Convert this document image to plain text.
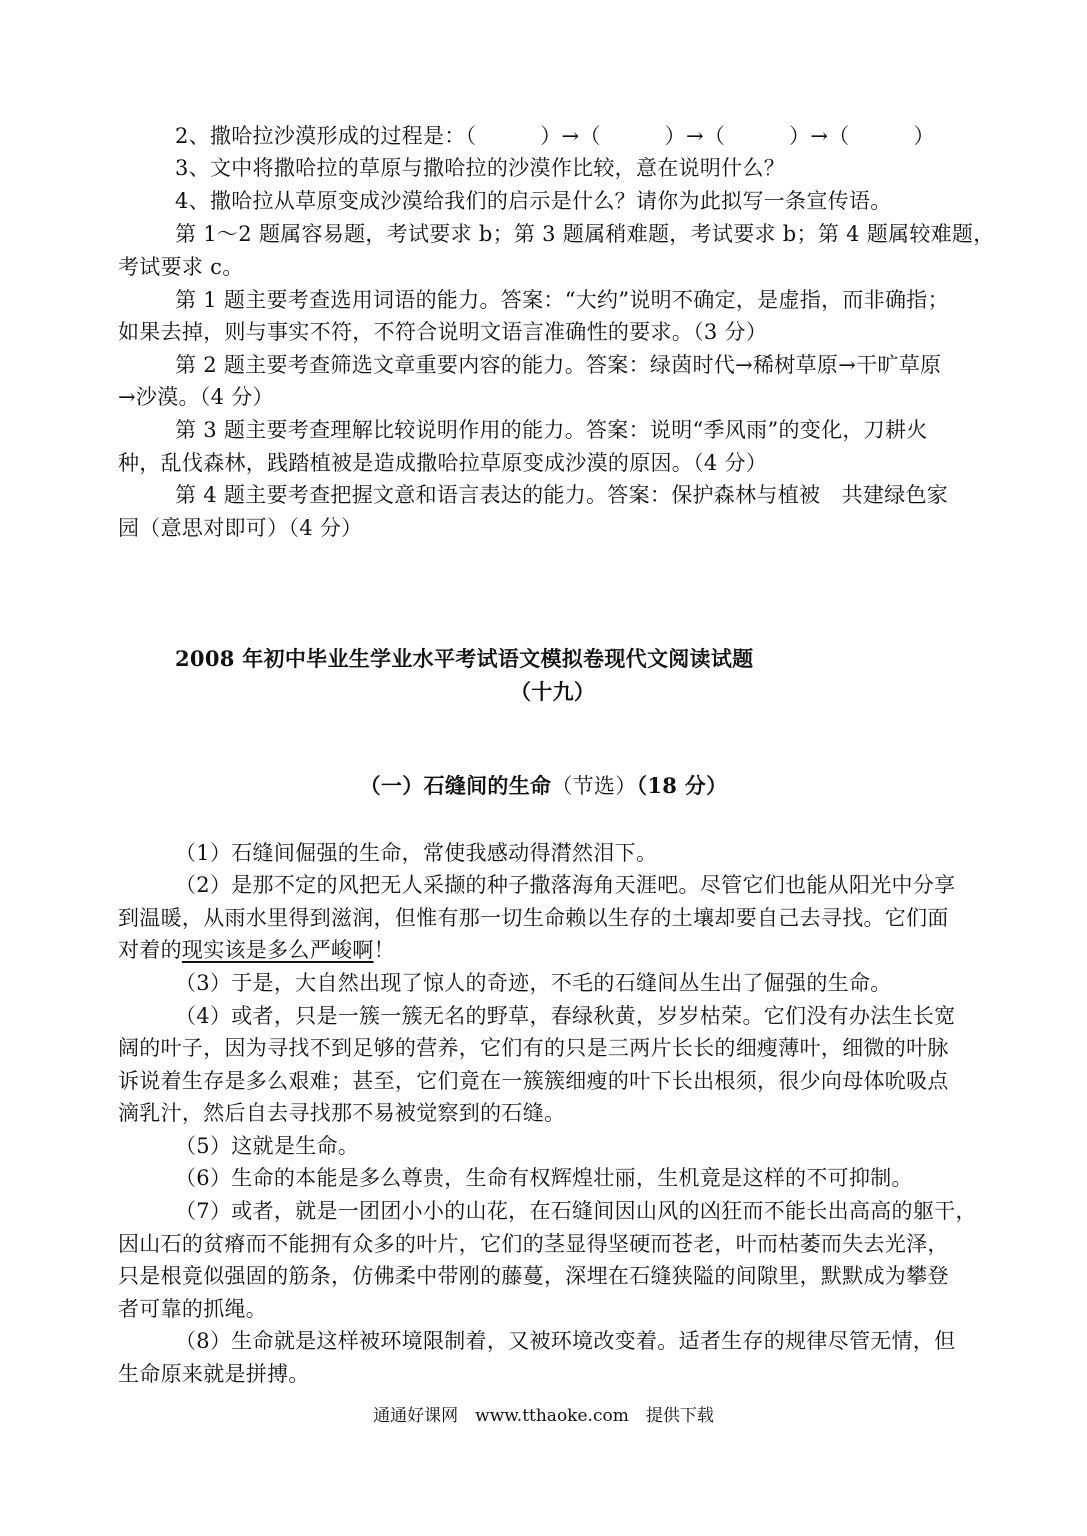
2、撒哈拉沙漠形成的过程是：（　　　）→（　　　）→（　　　）→（　　　）
3、文中将撒哈拉的草原与撒哈拉的沙漠作比较，意在说明什么？
4、撒哈拉从草原变成沙漠给我们的启示是什么？请你为此拟写一条宣传语。
第 1～2 题属容易题，考试要求 b；第 3 题属稍难题，考试要求 b；第 4 题属较难题，
考试要求 c。
第 1 题主要考查选用词语的能力。答案：“大约”说明不确定，是虚指，而非确指；
如果去掉，则与事实不符，不符合说明文语言准确性的要求。（3 分）
第 2 题主要考查筛选文章重要内容的能力。答案：绿茵时代→稀树草原→干旷草原
→沙漠。（4 分）
第 3 题主要考查理解比较说明作用的能力。答案：说明“季风雨”的变化，刀耕火
种，乱伐森林，践踏植被是造成撒哈拉草原变成沙漠的原因。（4 分）
第 4 题主要考查把握文意和语言表达的能力。答案：保护森林与植被　共建绿色家
园（意思对即可）（4 分）
2008 年初中毕业生学业水平考试语文模拟卷现代文阅读试题
（十九）
（一）石缝间的生命（节选）（18 分）
（1）石缝间倔强的生命，常使我感动得潸然泪下。
（2）是那不定的风把无人采撷的种子撒落海角天涯吧。尽管它们也能从阳光中分享
到温暖，从雨水里得到滋润，但惟有那一切生命赖以生存的土壤却要自己去寻找。它们面
对着的现实该是多么严峻啊！
（3）于是，大自然出现了惊人的奇迹，不毛的石缝间丛生出了倔强的生命。
（4）或者，只是一簇一簇无名的野草，春绿秋黄，岁岁枯荣。它们没有办法生长宽
阔的叶子，因为寻找不到足够的营养，它们有的只是三两片长长的细瘦薄叶，细微的叶脉
诉说着生存是多么艰难；甚至，它们竟在一簇簇细瘦的叶下长出根须，很少向母体吮吸点
滴乳汁，然后自去寻找那不易被觉察到的石缝。
（5）这就是生命。
（6）生命的本能是多么尊贵，生命有权辉煌壮丽，生机竟是这样的不可抑制。
（7）或者，就是一团团小小的山花，在石缝间因山风的凶狂而不能长出高高的躯干，
因山石的贫瘠而不能拥有众多的叶片，它们的茎显得坚硬而苍老，叶而枯萎而失去光泽，
只是根竟似强固的筋条，仿佛柔中带刚的藤蔓，深埋在石缝狭隘的间隙里，默默成为攀登
者可靠的抓绳。
（8）生命就是这样被环境限制着，又被环境改变着。适者生存的规律尽管无情，但
生命原来就是拼搏。
通通好课网　www.tthaoke.com　提供下载
